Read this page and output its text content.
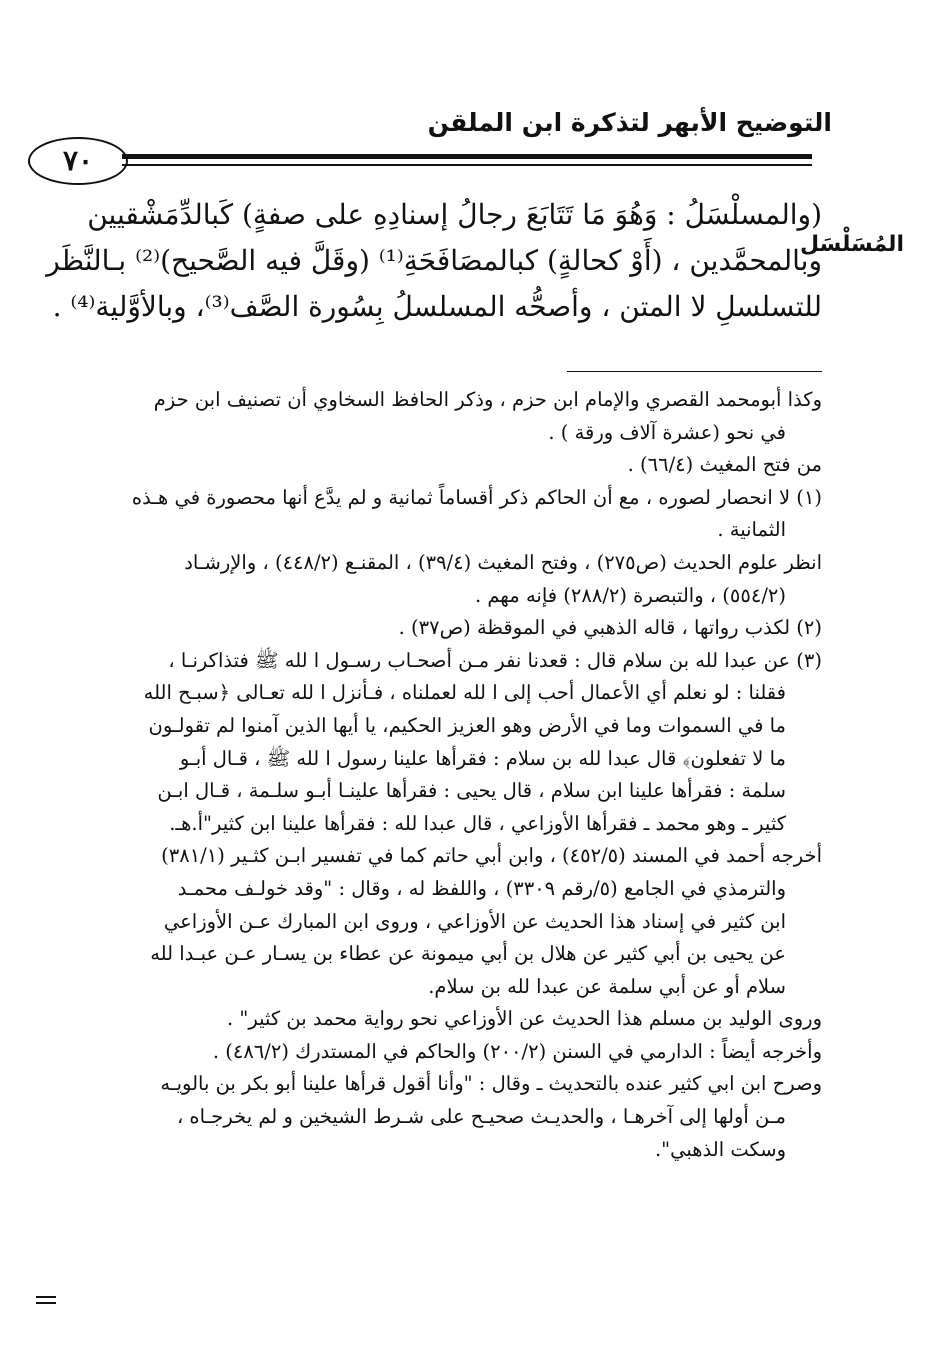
التوضيح الأبهر لتذكرة ابن الملقن
٧٠
المُسَلْسَل
(والمسلْسَلُ : وَهُوَ مَا تَتَابَعَ رجالُ إسنادِهِ على صفةٍ) كَبالدِّمَشْقيين
وبالمحمَّدين ، (أَوْ كحالةٍ) كبالمصَافَحَةِ⁽¹⁾ (وقَلَّ فيه الصَّحيح)⁽²⁾ بـالنَّظَر
للتسلسلِ لا المتن ، وأصحُّه المسلسلُ بِسُورة الصَّف⁽³⁾، وبالأوَّلية⁽⁴⁾ .
وكذا أبومحمد القصري والإمام ابن حزم ، وذكر الحافظ السخاوي أن تصنيف ابن حزم
في نحو (عشرة آلاف ورقة ) .
من فتح المغيث (٦٦/٤) .
(١) لا انحصار لصوره ، مع أن الحاكم ذكر أقساماً ثمانية و لم يدَّع أنها محصورة في هـذه
الثمانية .
انظر علوم الحديث (ص٢٧٥) ، وفتح المغيث (٣٩/٤) ، المقنـع (٤٤٨/٢) ، والإرشـاد
(٥٥٤/٢) ، والتبصرة (٢٨٨/٢) فإنه مهم .
(٢) لكذب رواتها ، قاله الذهبي في الموقظة (ص٣٧) .
(٣) عن عبدا لله بن سلام قال : قعدنا نفر مـن أصحـاب رسـول ا لله ﷺ فتذاكرنـا ،
فقلنا : لو نعلم أي الأعمال أحب إلى ا لله لعملناه ، فـأنزل ا لله تعـالى ﴿سبـح الله
ما في السموات وما في الأرض وهو العزيز الحكيم، يا أيها الذين آمنوا لم تقولـون
ما لا تفعلون﴾ قال عبدا لله بن سلام : فقرأها علينا رسول ا لله ﷺ ، قـال أبـو
سلمة : فقرأها علينا ابن سلام ، قال يحيى : فقرأها علينـا أبـو سلـمة ، قـال ابـن
كثير ـ وهو محمد ـ فقرأها الأوزاعي ، قال عبدا لله : فقرأها علينا ابن كثير"أ.هـ.
أخرجه أحمد في المسند (٤٥٢/٥) ، وابن أبي حاتم كما في تفسير ابـن كثـير (٣٨١/١)
والترمذي في الجامع (٥/رقم ٣٣٠٩) ، واللفظ له ، وقال : "وقد خولـف محمـد
ابن كثير في إسناد هذا الحديث عن الأوزاعي ، وروى ابن المبارك عـن الأوزاعي
عن يحيى بن أبي كثير عن هلال بن أبي ميمونة عن عطاء بن يسـار عـن عبـدا لله
سلام أو عن أبي سلمة عن عبدا لله بن سلام.
وروى الوليد بن مسلم هذا الحديث عن الأوزاعي نحو رواية محمد بن كثير" .
وأخرجه أيضاً : الدارمي في السنن (٢٠٠/٢) والحاكم في المستدرك (٤٨٦/٢) .
وصرح ابن ابي كثير عنده بالتحديث ـ وقال : "وأنا أقول قرأها علينا أبو بكر بن بالويـه
مـن أولها إلى آخرهـا ، والحديـث صحيـح على شـرط الشيخين و لم يخرجـاه ،
وسكت الذهبي".
